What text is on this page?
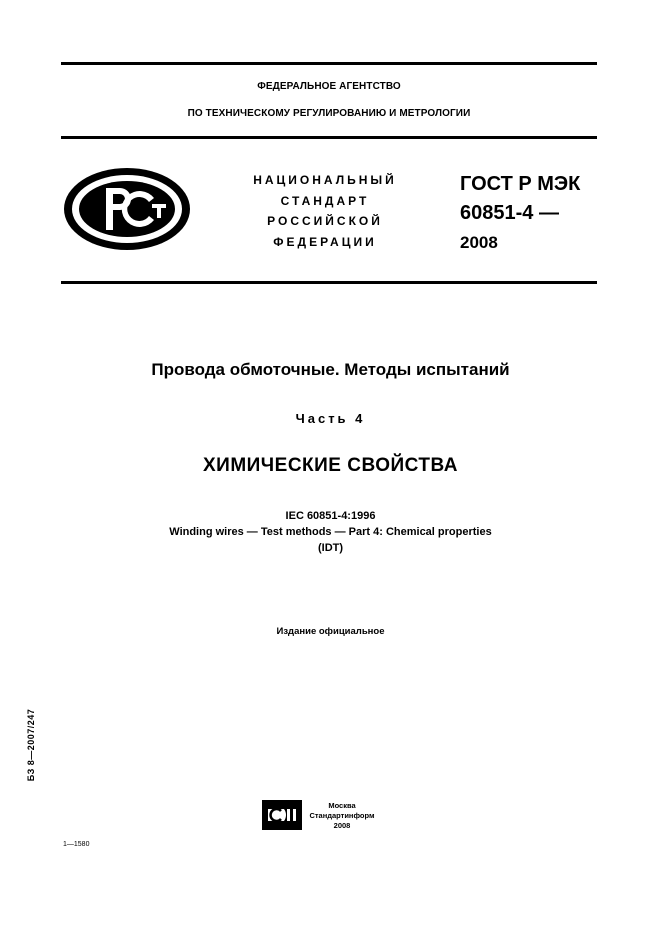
ФЕДЕРАЛЬНОЕ АГЕНТСТВО
ПО ТЕХНИЧЕСКОМУ РЕГУЛИРОВАНИЮ И МЕТРОЛОГИИ
НАЦИОНАЛЬНЫЙ
СТАНДАРТ
РОССИЙСКОЙ
ФЕДЕРАЦИИ
ГОСТ Р МЭК
60851-4 —
2008
Провода обмоточные. Методы испытаний
Часть 4
ХИМИЧЕСКИЕ СВОЙСТВА
IEC 60851-4:1996
Winding wires — Test methods — Part 4: Chemical properties
(IDT)
Издание официальное
БЗ 8—2007/247
Москва
Стандартинформ
2008
1—1580
